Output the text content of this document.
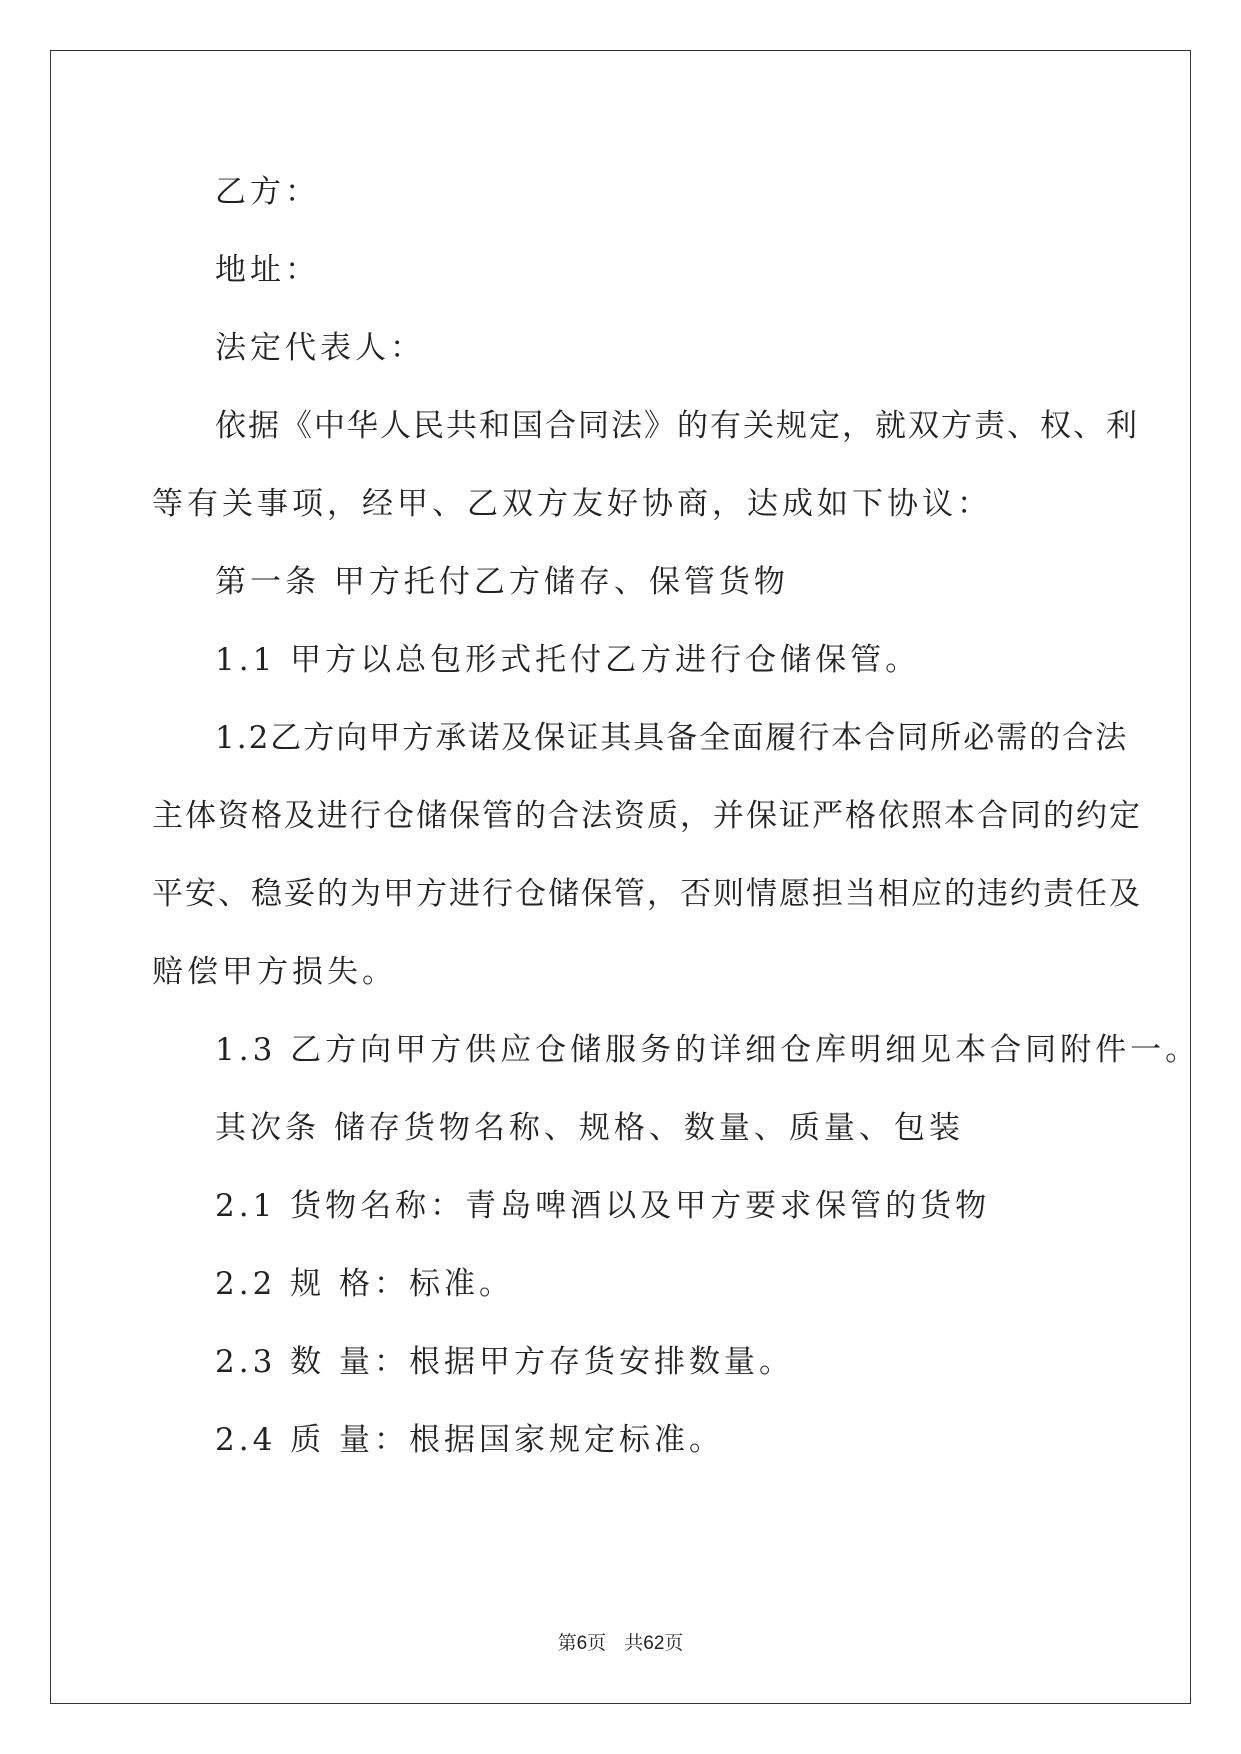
乙方：
地址：
法定代表人：
依据《中华人民共和国合同法》的有关规定，就双方责、权、利
等有关事项，经甲、乙双方友好协商，达成如下协议：
第一条 甲方托付乙方储存、保管货物
1.1 甲方以总包形式托付乙方进行仓储保管。
1.2乙方向甲方承诺及保证其具备全面履行本合同所必需的合法
主体资格及进行仓储保管的合法资质，并保证严格依照本合同的约定
平安、稳妥的为甲方进行仓储保管，否则情愿担当相应的违约责任及
赔偿甲方损失。
1.3 乙方向甲方供应仓储服务的详细仓库明细见本合同附件一。
其次条 储存货物名称、规格、数量、质量、包装
2.1 货物名称：青岛啤酒以及甲方要求保管的货物
2.2 规 格：标准。
2.3 数 量：根据甲方存货安排数量。
2.4 质 量：根据国家规定标准。
第6页   共62页
